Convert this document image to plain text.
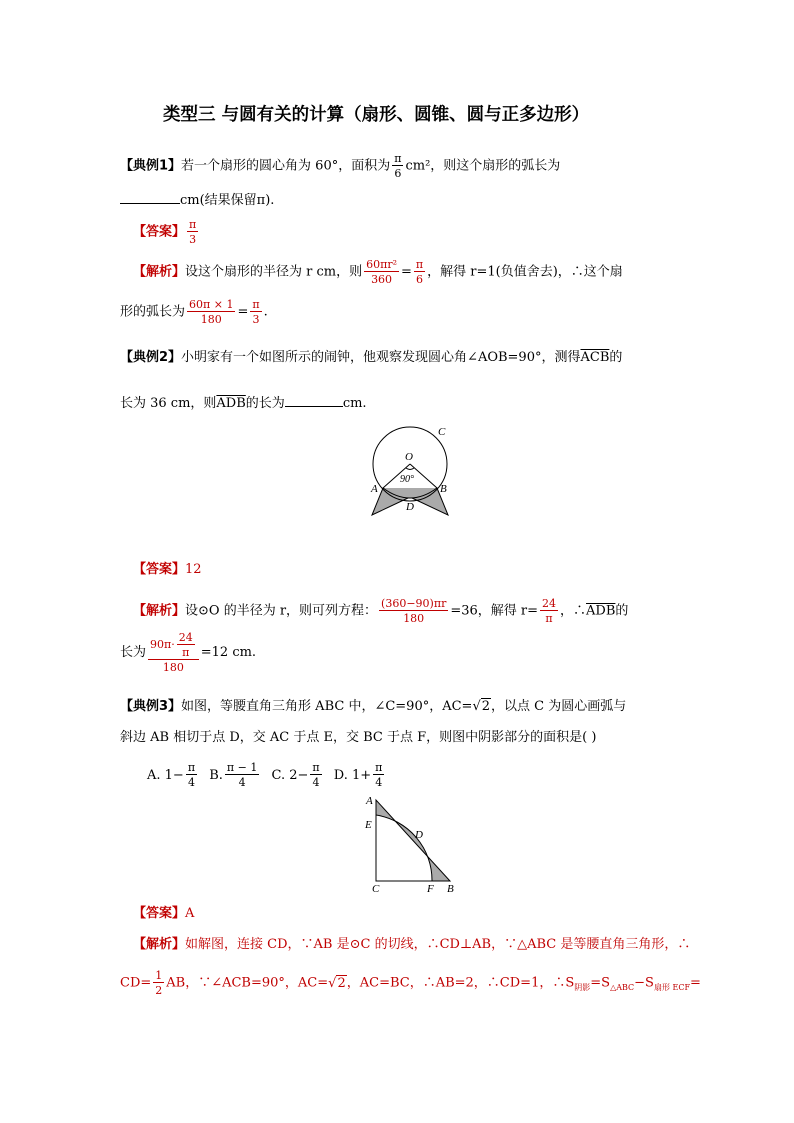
类型三 与圆有关的计算（扇形、圆锥、圆与正多边形）
【典例1】若一个扇形的圆心角为 60°，面积为 $\frac{\pi}{6} cm^2$，则这个扇形的弧长为
cm(结果保留π).
【答案】 $\frac{\pi}{3}$
【解析】设这个扇形的半径为 r cm，则 $\frac{\text{60πr²}}{360} = \frac{\pi}{6}$ ，解得 r=1(负值舍去)，∴这个扇
形的弧长为 $\frac{60\pi \times 1}{180} = \frac{\pi}{3}$ .
【典例2】小明家有一个如图所示的闹钟，他观察发现圆心角∠AOB=90°，测得$\overline{ACB}$的
长为 36 cm，则$\overline{ADB}$的长为	cm.
C
O
90°
A	B
D
【答案】12
【解析】设⊙O 的半径为 r，则可列方程： $\frac{(360-90)\pi r}{180} =36$，解得 $r= \frac{24}{\pi}$ ，$\therefore\overline{ADB}$的
长为 $\frac{90\pi\cdot \frac{24}{\pi}}{180} =12$ cm.
【典例3】如图，等腰直角三角形 ABC 中，∠C=90°，AC=√2，以点 C 为圆心画弧与
斜边 AB 相切于点 D，交 AC 于点 E，交 BC 于点 F，则图中阴影部分的面积是( )
A. $1- \frac{\pi}{4} B$. $\frac{\pi - 1}{4} C$. $2- \frac{\pi}{4} D$. $1+ \frac{\pi}{4}$
A
E
D
C	F B
【答案】A
【解析】如解图，连接 CD，∵AB 是⊙C 的切线，∴CD⊥AB，∵△ABC 是等腰直角三角形，∴
$CD= \frac{1}{2}$ AB，∵∠ACB=90°，AC=√2，AC=BC，∴AB=2，∴CD=1，$\therefore S_{阴影}=S_{\triangle ABC}-S_{扇形 ECF}=$
